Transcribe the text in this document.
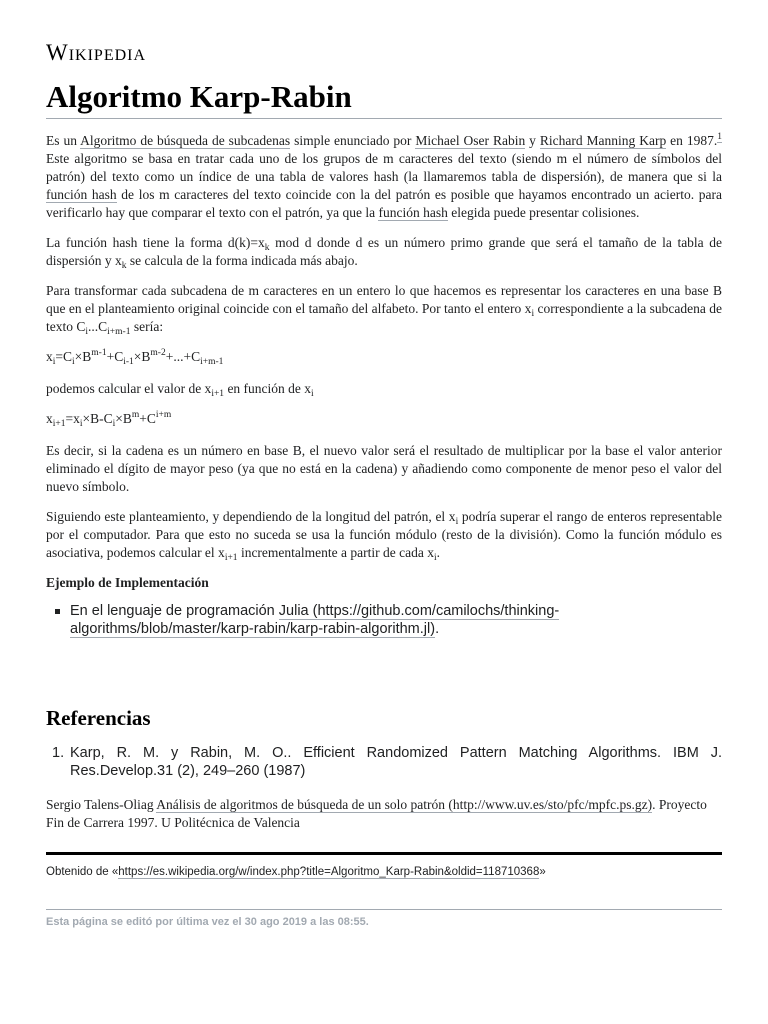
Wikipedia
Algoritmo Karp-Rabin

Es un Algoritmo de búsqueda de subcadenas simple enunciado por Michael Oser Rabin y Richard Manning Karp en 1987.$^1$ Este algoritmo se basa en tratar cada uno de los grupos de m caracteres del texto (siendo m el número de símbolos del patrón) del texto como un índice de una tabla de valores hash (la llamaremos tabla de dispersión), de manera que si la función hash de los m caracteres del texto coincide con la del patrón es posible que hayamos encontrado un acierto. para verificarlo hay que comparar el texto con el patrón, ya que la función hash elegida puede presentar colisiones.

La función hash tiene la forma $d(k)=x_k$ mod d donde d es un número primo grande que será el tamaño de la tabla de dispersión y $x_k$ se calcula de la forma indicada más abajo.

Para transformar cada subcadena de m caracteres en un entero lo que hacemos es representar los caracteres en una base B que en el planteamiento original coincide con el tamaño del alfabeto. Por tanto el entero $x_i$ correspondiente a la subcadena de texto $C_i...C_{i+m-1}$ sería:

$x_i=C_i\times B^{m-1}+C_{i-1}\times B^{m-2}+...+C_{i+m-1}$

podemos calcular el valor de $x_{i+1}$ en función de $x_i$

$x_{i+1}=x_i\times B-C_i\times B^m+C^{i+m}$

Es decir, si la cadena es un número en base B, el nuevo valor será el resultado de multiplicar por la base el valor anterior eliminado el dígito de mayor peso (ya que no está en la cadena) y añadiendo como componente de menor peso el valor del nuevo símbolo.

Siguiendo este planteamiento, y dependiendo de la longitud del patrón, el $x_i$ podría superar el rango de enteros representable por el computador. Para que esto no suceda se usa la función módulo (resto de la división). Como la función módulo es asociativa, podemos calcular el $x_{i+1}$ incrementalmente a partir de cada $x_i$.

Ejemplo de Implementación
En el lenguaje de programación Julia (https://github.com/camilochs/thinking-algorithms/blob/master/karp-rabin/karp-rabin-algorithm.jl).
Referencias
1. Karp, R. M. y Rabin, M. O.. Efficient Randomized Pattern Matching Algorithms. IBM J. Res.Develop.31 (2), 249–260 (1987)
Sergio Talens-Oliag Análisis de algoritmos de búsqueda de un solo patrón (http://www.uv.es/sto/pfc/mpfc.ps.gz). Proyecto Fin de Carrera 1997. U Politécnica de Valencia
Obtenido de «https://es.wikipedia.org/w/index.php?title=Algoritmo_Karp-Rabin&oldid=118710368»
Esta página se editó por última vez el 30 ago 2019 a las 08:55.
